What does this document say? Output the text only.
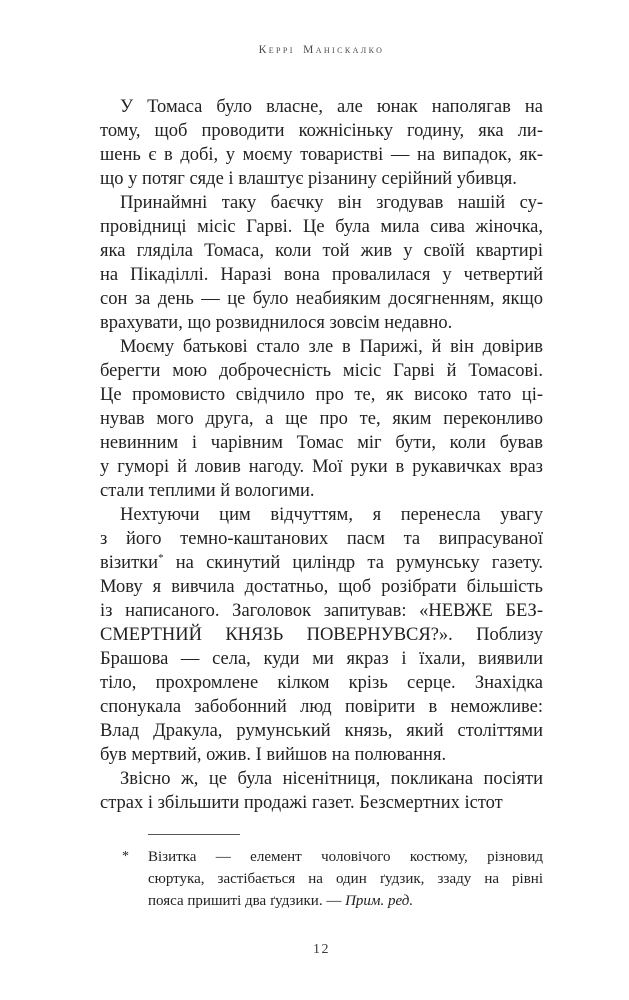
Керрі Маніскалко
У Томаса було власне, але юнак наполягав на
тому, щоб проводити кожнісіньку годину, яка ли-
шень є в добі, у моєму товаристві — на випадок, як-
що у потяг сяде і влаштує різанину серійний убивця.
Принаймні таку баєчку він згодував нашій су-
провідниці місіс Гарві. Це була мила сива жіночка,
яка гляділа Томаса, коли той жив у своїй квартирі
на Пікаділлі. Наразі вона провалилася у четвертий
сон за день — це було неабияким досягненням, якщо
врахувати, що розвиднилося зовсім недавно.
Моєму батькові стало зле в Парижі, й він довірив
берегти мою доброчесність місіс Гарві й Томасові.
Це промовисто свідчило про те, як високо тато ці-
нував мого друга, а ще про те, яким переконливо
невинним і чарівним Томас міг бути, коли бував
у гуморі й ловив нагоду. Мої руки в рукавичках враз
стали теплими й вологими.
Нехтуючи цим відчуттям, я перенесла увагу
з його темно-каштанових пасм та випрасуваної
візитки* на скинутий циліндр та румунську газету.
Мову я вивчила достатньо, щоб розібрати більшість
із написаного. Заголовок запитував: «НЕВЖЕ БЕЗ-
СМЕРТНИЙ КНЯЗЬ ПОВЕРНУВСЯ?». Поблизу
Брашова — села, куди ми якраз і їхали, виявили
тіло, прохромлене кілком крізь серце. Знахідка
спонукала забобонний люд повірити в неможливе:
Влад Дракула, румунський князь, який століттями
був мертвий, ожив. І вийшов на полювання.
Звісно ж, це була нісенітниця, покликана посіяти
страх і збільшити продажі газет. Безсмертних істот
* Візитка — елемент чоловічого костюму, різновид
сюртука, застібається на один ґудзик, ззаду на рівні
пояса пришиті два ґудзики. — Прим. ред.
12
